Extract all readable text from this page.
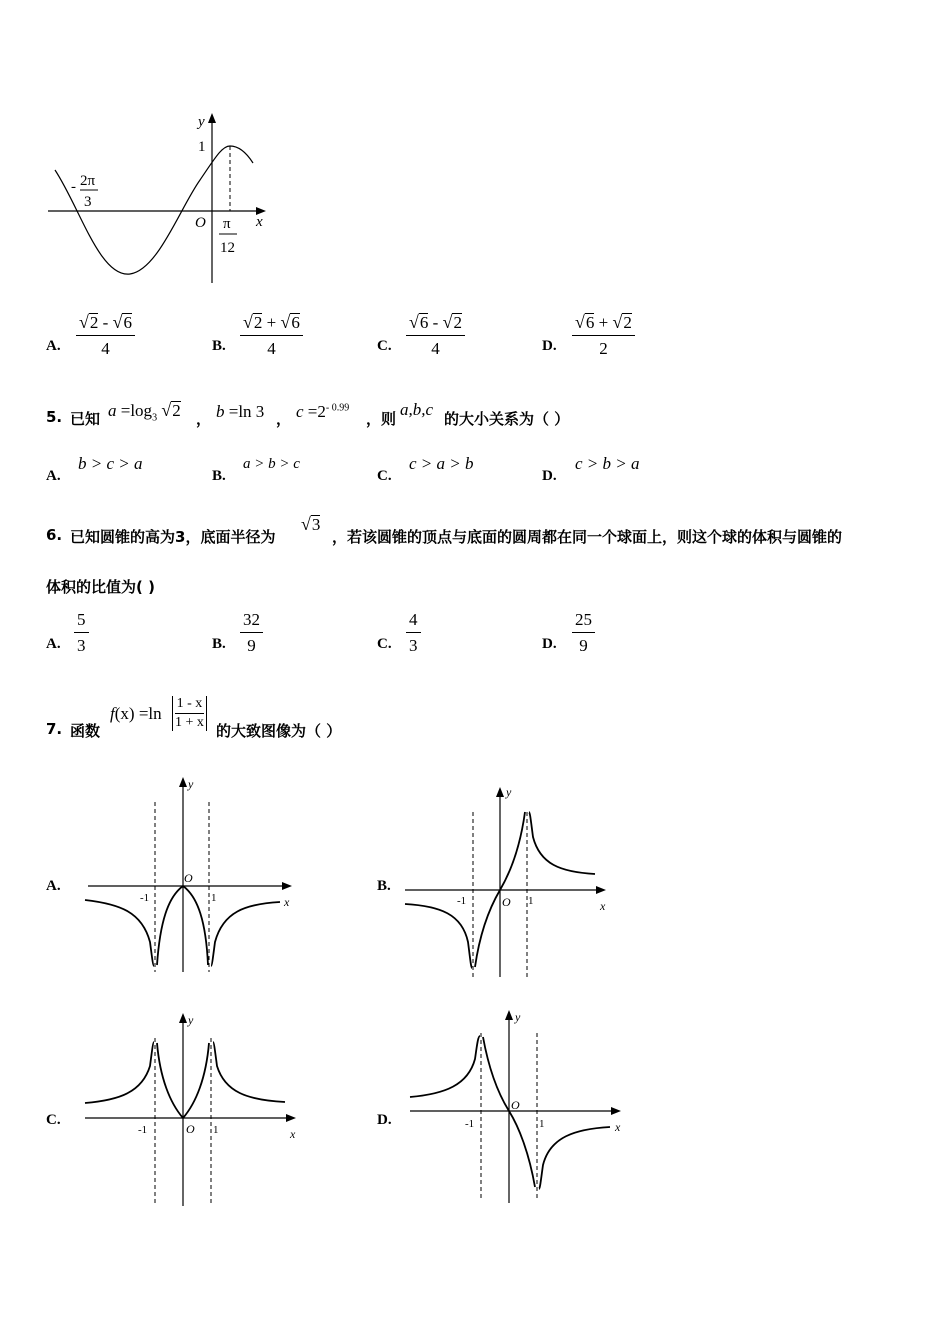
y
x
1
O
- 2π
3
π
12
A.
√2 - √6
4	B.
√2 + √6
4	C.
√6 - √2
4	D.
√6 + √2
2
5. 已知 $a =\log_3$ √2 ， b =ln 3 ， $c =2^{- 0.99}$
，则 a,b,c 的大小关系为（ ）
A.
b > c > a
B.
a > b > c
C.
c > a > b
D.
c > b > a
6. 已知圆锥的高为3，底面半径为
√3
，若该圆锥的顶点与底面的圆周都在同一个球面上，则这个球的体积与圆锥的
体积的比值为( )
A.
5
3	B.
32
9	C.
4
3	D.
25
9
7. 函数
f(x) =ln
1 - x
1 + x 的大致图像为（ ）
A.
y
x
O
-1	1
B.
y
x
O
-1	1
C.
y
x
O
-1	1
D.
y
x
O
-1	1
